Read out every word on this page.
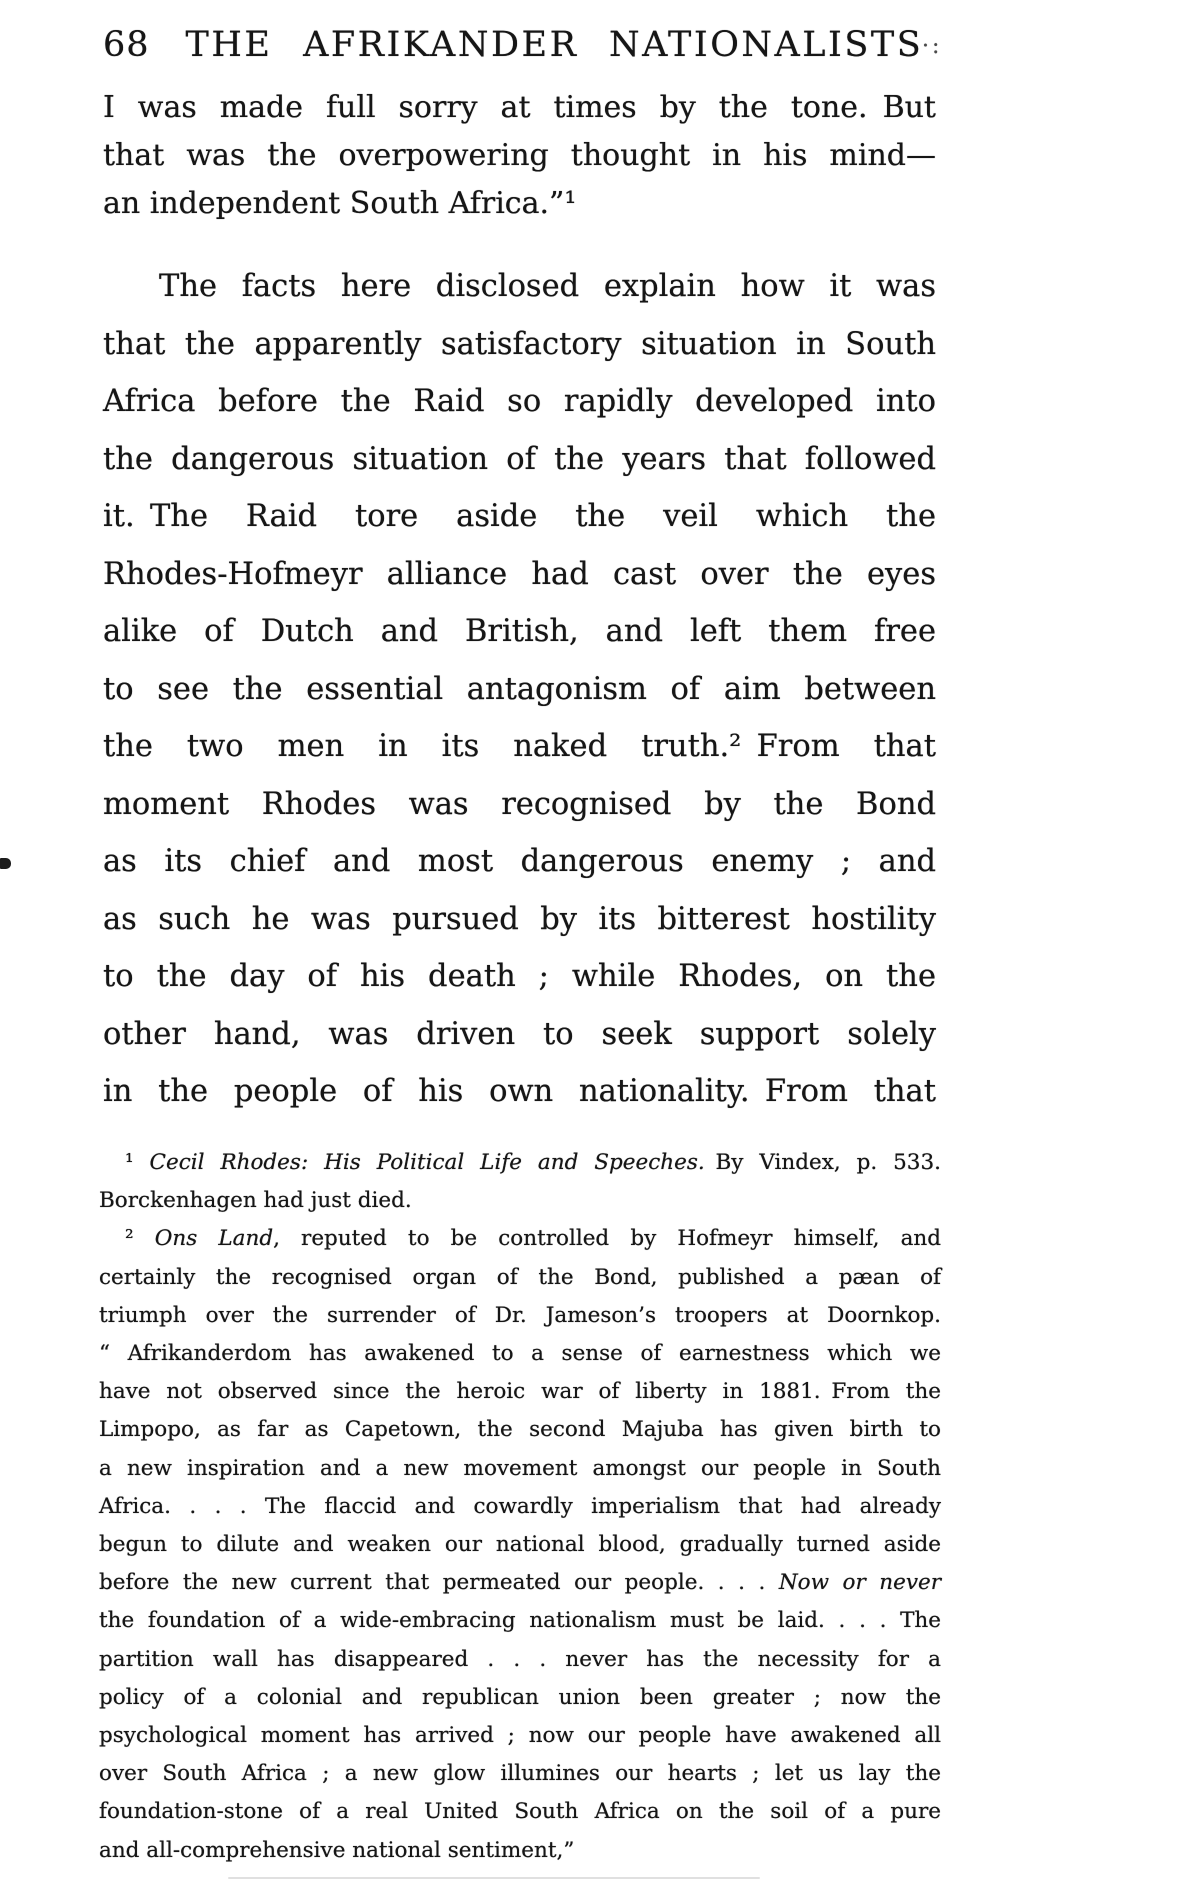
68 THE AFRIKANDER NATIONALISTS
·:
I was made full sorry at times by the tone. But
that was the overpowering thought in his mind—
an independent South Africa.”¹
The facts here disclosed explain how it was
that the apparently satisfactory situation in South
Africa before the Raid so rapidly developed into
the dangerous situation of the years that followed
it. The Raid tore aside the veil which the
Rhodes-Hofmeyr alliance had cast over the eyes
alike of Dutch and British, and left them free
to see the essential antagonism of aim between
the two men in its naked truth.² From that
moment Rhodes was recognised by the Bond
as its chief and most dangerous enemy ; and
as such he was pursued by its bitterest hostility
to the day of his death ; while Rhodes, on the
other hand, was driven to seek support solely
in the people of his own nationality. From that
¹ Cecil Rhodes: His Political Life and Speeches. By Vindex, p. 533.
Borckenhagen had just died.
² Ons Land, reputed to be controlled by Hofmeyr himself, and
certainly the recognised organ of the Bond, published a pæan of
triumph over the surrender of Dr. Jameson’s troopers at Doornkop.
“ Afrikanderdom has awakened to a sense of earnestness which we
have not observed since the heroic war of liberty in 1881. From the
Limpopo, as far as Capetown, the second Majuba has given birth to
a new inspiration and a new movement amongst our people in South
Africa. . . . The flaccid and cowardly imperialism that had already
begun to dilute and weaken our national blood, gradually turned aside
before the new current that permeated our people. . . . Now or never
the foundation of a wide-embracing nationalism must be laid. . . . The
partition wall has disappeared . . . never has the necessity for a
policy of a colonial and republican union been greater ; now the
psychological moment has arrived ; now our people have awakened all
over South Africa ; a new glow illumines our hearts ; let us lay the
foundation-stone of a real United South Africa on the soil of a pure
and all-comprehensive national sentiment,”
